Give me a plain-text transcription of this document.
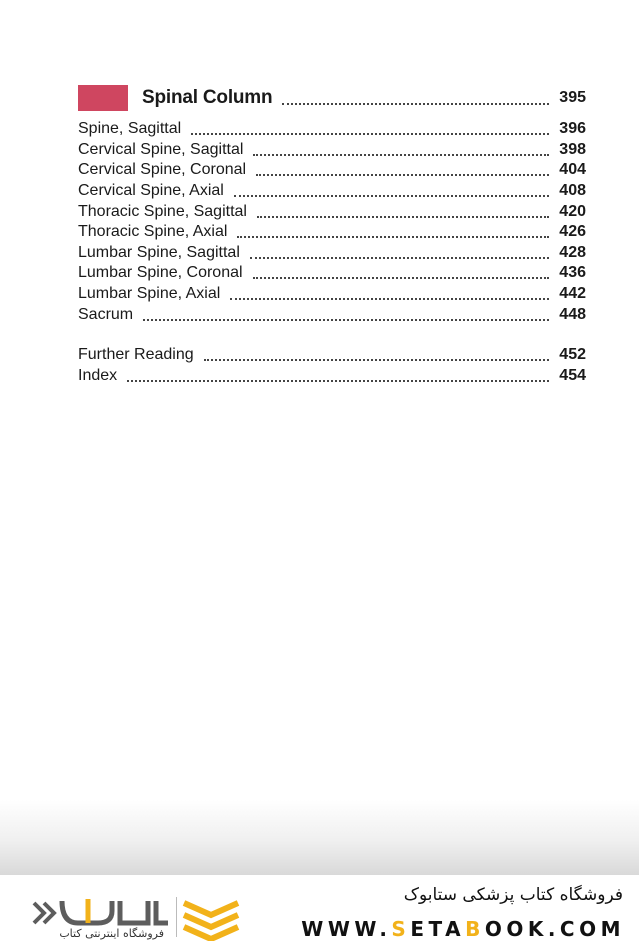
Spinal Column	395
Spine, Sagittal	396
Cervical Spine, Sagittal	398
Cervical Spine, Coronal	404
Cervical Spine, Axial	408
Thoracic Spine, Sagittal	420
Thoracic Spine, Axial	426
Lumbar Spine, Sagittal	428
Lumbar Spine, Coronal	436
Lumbar Spine, Axial	442
Sacrum	448
Further Reading	452
Index	454
فروشگاه اینترنتی کتاب
فروشگاه کتاب پزشکی ستابوک
WWW.SETABOOK.COM
